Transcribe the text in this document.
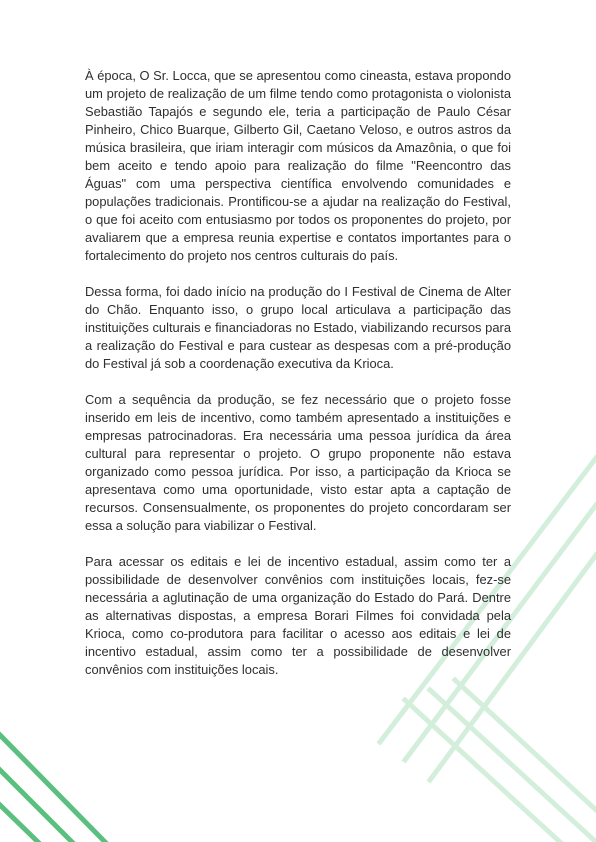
À época, O Sr. Locca, que se apresentou como cineasta, estava propondo um projeto de realização de um filme tendo como protagonista o violonista Sebastião Tapajós e segundo ele, teria a participação de Paulo César Pinheiro, Chico Buarque, Gilberto Gil, Caetano Veloso, e outros astros da música brasileira, que iriam interagir com músicos da Amazônia, o que foi bem aceito e tendo apoio para realização do filme "Reencontro das Águas" com uma perspectiva científica envolvendo comunidades e populações tradicionais. Prontificou-se a ajudar na realização do Festival, o que foi aceito com entusiasmo por todos os proponentes do projeto, por avaliarem que a empresa reunia expertise e contatos importantes para o fortalecimento do projeto nos centros culturais do país.

Dessa forma, foi dado início na produção do I Festival de Cinema de Alter do Chão. Enquanto isso, o grupo local articulava a participação das instituições culturais e financiadoras no Estado, viabilizando recursos para a realização do Festival e para custear as despesas com a pré-produção do Festival já sob a coordenação executiva da Krioca.

Com a sequência da produção, se fez necessário que o projeto fosse inserido em leis de incentivo, como também apresentado a instituições e empresas patrocinadoras. Era necessária uma pessoa jurídica da área cultural para representar o projeto. O grupo proponente não estava organizado como pessoa jurídica. Por isso, a participação da Krioca se apresentava como uma oportunidade, visto estar apta a captação de recursos. Consensualmente, os proponentes do projeto concordaram ser essa a solução para viabilizar o Festival.

Para acessar os editais e lei de incentivo estadual, assim como ter a possibilidade de desenvolver convênios com instituições locais, fez-se necessária a aglutinação de uma organização do Estado do Pará. Dentre as alternativas dispostas, a empresa Borari Filmes foi convidada pela Krioca, como co-produtora para facilitar o acesso aos editais e lei de incentivo estadual, assim como ter a possibilidade de desenvolver convênios com instituições locais.
